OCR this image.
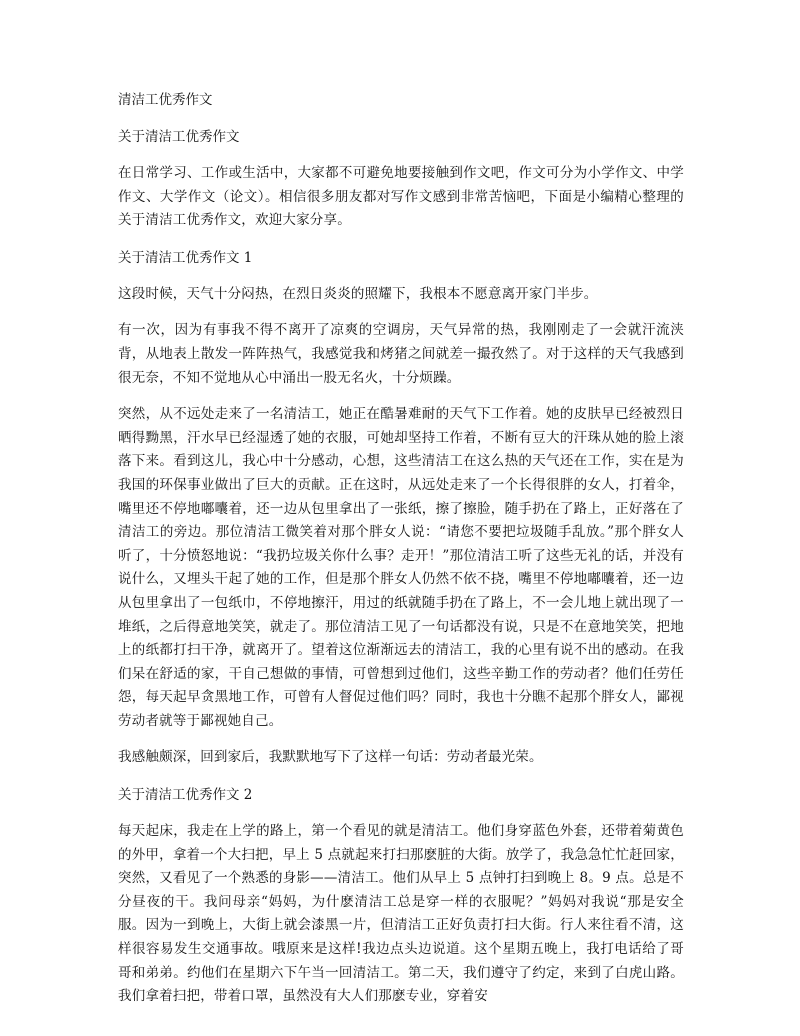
清洁工优秀作文

关于清洁工优秀作文

在日常学习、工作或生活中，大家都不可避免地要接触到作文吧，作文可分为小学作文、中学作文、大学作文（论文）。相信很多朋友都对写作文感到非常苦恼吧，下面是小编精心整理的关于清洁工优秀作文，欢迎大家分享。

关于清洁工优秀作文 1

这段时候，天气十分闷热，在烈日炎炎的照耀下，我根本不愿意离开家门半步。

有一次，因为有事我不得不离开了凉爽的空调房，天气异常的热，我刚刚走了一会就汗流浃背，从地表上散发一阵阵热气，我感觉我和烤猪之间就差一撮孜然了。对于这样的天气我感到很无奈，不知不觉地从心中涌出一股无名火，十分烦躁。

突然，从不远处走来了一名清洁工，她正在酷暑难耐的天气下工作着。她的皮肤早已经被烈日晒得黝黑，汗水早已经湿透了她的衣服，可她却坚持工作着，不断有豆大的汗珠从她的脸上滚落下来。看到这儿，我心中十分感动，心想，这些清洁工在这么热的天气还在工作，实在是为我国的环保事业做出了巨大的贡献。正在这时，从远处走来了一个长得很胖的女人，打着伞，嘴里还不停地嘟囔着，还一边从包里拿出了一张纸，擦了擦脸，随手扔在了路上，正好落在了清洁工的旁边。那位清洁工微笑着对那个胖女人说：“请您不要把垃圾随手乱放。”那个胖女人听了，十分愤怒地说：“我扔垃圾关你什么事？走开！”那位清洁工听了这些无礼的话，并没有说什么，又埋头干起了她的工作，但是那个胖女人仍然不依不挠，嘴里不停地嘟囔着，还一边从包里拿出了一包纸巾，不停地擦汗，用过的纸就随手扔在了路上，不一会儿地上就出现了一堆纸，之后得意地笑笑，就走了。那位清洁工见了一句话都没有说，只是不在意地笑笑，把地上的纸都打扫干净，就离开了。望着这位渐渐远去的清洁工，我的心里有说不出的感动。在我们呆在舒适的家，干自己想做的事情，可曾想到过他们，这些辛勤工作的劳动者？他们任劳任怨，每天起早贪黑地工作，可曾有人督促过他们吗？同时，我也十分瞧不起那个胖女人，鄙视劳动者就等于鄙视她自己。

我感触颇深，回到家后，我默默地写下了这样一句话：劳动者最光荣。

关于清洁工优秀作文 2

每天起床，我走在上学的路上，第一个看见的就是清洁工。他们身穿蓝色外套，还带着菊黄色的外甲，拿着一个大扫把，早上 5 点就起来打扫那麽脏的大街。放学了，我急急忙忙赶回家，突然，又看见了一个熟悉的身影——清洁工。他们从早上 5 点钟打扫到晚上 8。9 点。总是不分昼夜的干。我问母亲“妈妈，为什麽清洁工总是穿一样的衣服呢？”妈妈对我说“那是安全服。因为一到晚上，大街上就会漆黑一片，但清洁工正好负责打扫大街。行人来往看不清，这样很容易发生交通事故。哦原来是这样!我边点头边说道。这个星期五晚上，我打电话给了哥哥和弟弟。约他们在星期六下午当一回清洁工。第二天，我们遵守了约定，来到了白虎山路。我们拿着扫把，带着口罩，虽然没有大人们那麽专业，穿着安
